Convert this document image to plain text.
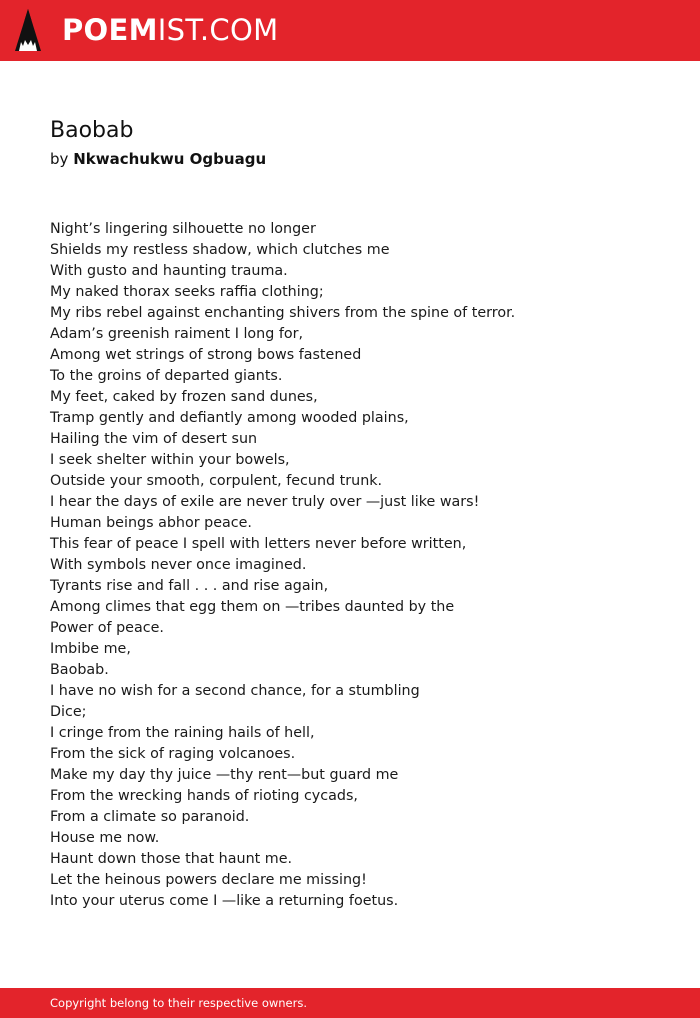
POEMIST.COM
Baobab
by Nkwachukwu Ogbuagu
Night’s lingering silhouette no longer
Shields my restless shadow, which clutches me
With gusto and haunting trauma.
My naked thorax seeks raffia clothing;
My ribs rebel against enchanting shivers from the spine of terror.
Adam’s greenish raiment I long for,
Among wet strings of strong bows fastened
To the groins of departed giants.
My feet, caked by frozen sand dunes,
Tramp gently and defiantly among wooded plains,
Hailing the vim of desert sun
I seek shelter within your bowels,
Outside your smooth, corpulent, fecund trunk.
I hear the days of exile are never truly over —just like wars!
Human beings abhor peace.
This fear of peace I spell with letters never before written,
With symbols never once imagined.
Tyrants rise and fall . . . and rise again,
Among climes that egg them on —tribes daunted by the
Power of peace.
Imbibe me,
Baobab.
I have no wish for a second chance, for a stumbling
Dice;
I cringe from the raining hails of hell,
From the sick of raging volcanoes.
Make my day thy juice —thy rent—but guard me
From the wrecking hands of rioting cycads,
From a climate so paranoid.
House me now.
Haunt down those that haunt me.
Let the heinous powers declare me missing!
Into your uterus come I —like a returning foetus.
Copyright belong to their respective owners.
